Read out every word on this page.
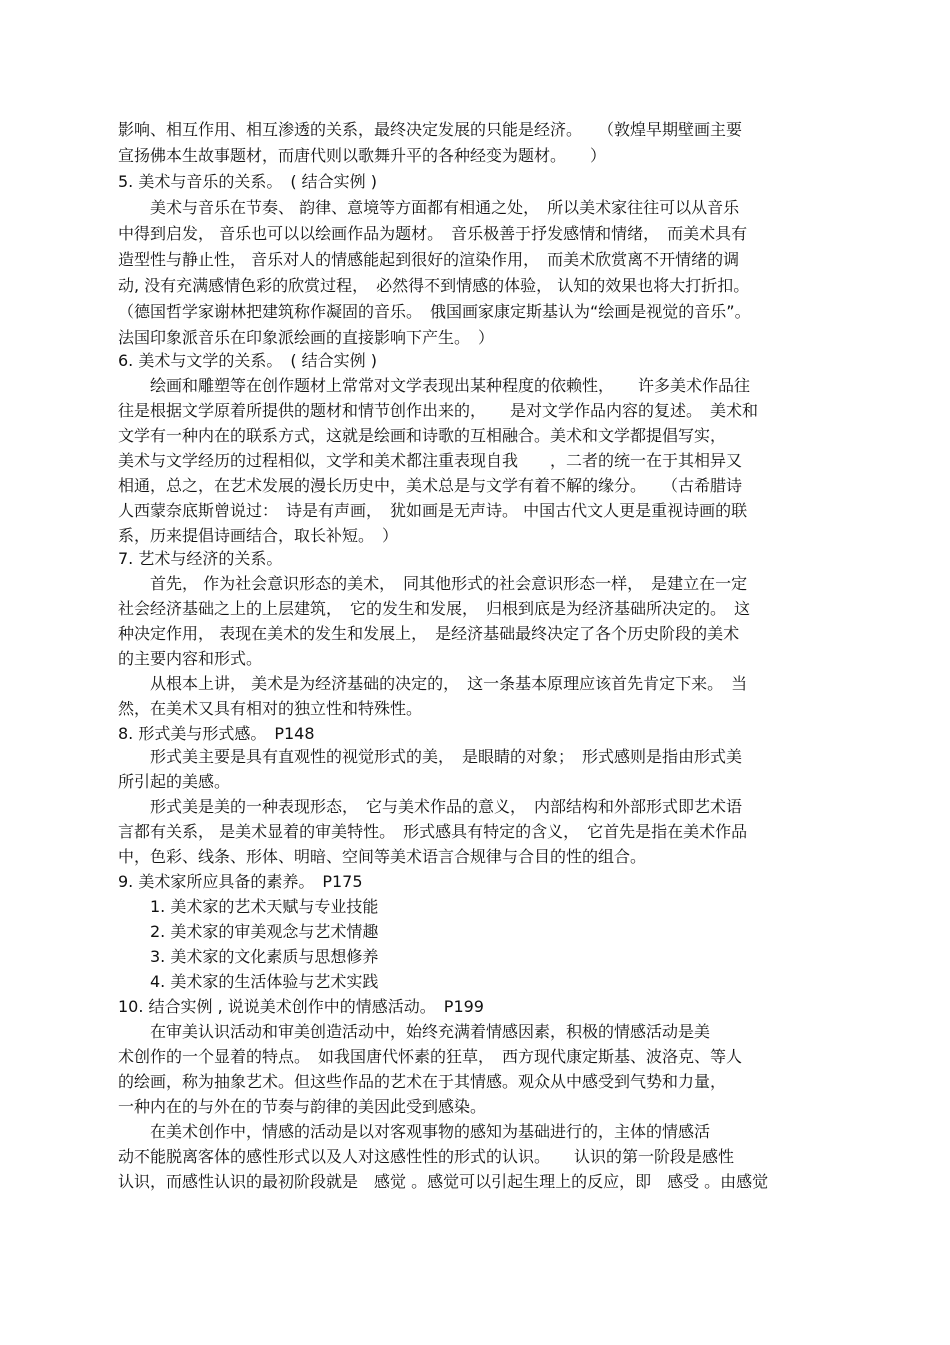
影响、相互作用、相互渗透的关系，最终决定发展的只能是经济。　　（敦煌早期壁画主要
宣扬佛本生故事题材，而唐代则以歌舞升平的各种经变为题材。　　）
5. 美术与音乐的关系。　( 结合实例 )
　　美术与音乐在节奏、 韵律、意境等方面都有相通之处，　所以美术家往往可以从音乐
中得到启发， 音乐也可以以绘画作品为题材。　音乐极善于抒发感情和情绪，　而美术具有
造型性与静止性， 音乐对人的情感能起到很好的渲染作用，　而美术欣赏离不开情绪的调
动, 没有充满感情色彩的欣赏过程，　必然得不到情感的体验， 认知的效果也将大打折扣。
（德国哲学家谢林把建筑称作凝固的音乐。　俄国画家康定斯基认为“绘画是视觉的音乐”。
法国印象派音乐在印象派绘画的直接影响下产生。　）
6. 美术与文学的关系。　( 结合实例 )
　　绘画和雕塑等在创作题材上常常对文学表现出某种程度的依赖性，　　许多美术作品往
往是根据文学原着所提供的题材和情节创作出来的，　　是对文学作品内容的复述。　美术和
文学有一种内在的联系方式，这就是绘画和诗歌的互相融合。美术和文学都提倡写实，
美术与文学经历的过程相似，文学和美术都注重表现自我　　，二者的统一在于其相异又
相通，总之，在艺术发展的漫长历史中，美术总是与文学有着不解的缘分。　　（古希腊诗
人西蒙奈底斯曾说过：　诗是有声画，　犹如画是无声诗。 中国古代文人更是重视诗画的联
系，历来提倡诗画结合，取长补短。　）
7. 艺术与经济的关系。
　　首先， 作为社会意识形态的美术，　同其他形式的社会意识形态一样，　是建立在一定
社会经济基础之上的上层建筑，　它的发生和发展，　归根到底是为经济基础所决定的。　这
种决定作用， 表现在美术的发生和发展上，　是经济基础最终决定了各个历史阶段的美术
的主要内容和形式。
　　从根本上讲， 美术是为经济基础的决定的，　这一条基本原理应该首先肯定下来。　当
然，在美术又具有相对的独立性和特殊性。
8. 形式美与形式感。　P148
　　形式美主要是具有直观性的视觉形式的美，　是眼睛的对象；　形式感则是指由形式美
所引起的美感。
　　形式美是美的一种表现形态，　它与美术作品的意义，　内部结构和外部形式即艺术语
言都有关系， 是美术显着的审美特性。　形式感具有特定的含义，　它首先是指在美术作品
中，色彩、线条、形体、明暗、空间等美术语言合规律与合目的性的组合。
9. 美术家所应具备的素养。　P175
　　1. 美术家的艺术天赋与专业技能
　　2. 美术家的审美观念与艺术情趣
　　3. 美术家的文化素质与思想修养
　　4. 美术家的生活体验与艺术实践
10. 结合实例 , 说说美术创作中的情感活动。　P199
　　在审美认识活动和审美创造活动中，始终充满着情感因素，积极的情感活动是美
术创作的一个显着的特点。　如我国唐代怀素的狂草，　西方现代康定斯基、波洛克、等人
的绘画，称为抽象艺术。但这些作品的艺术在于其情感。观众从中感受到气势和力量，
一种内在的与外在的节奏与韵律的美因此受到感染。
　　在美术创作中，情感的活动是以对客观事物的感知为基础进行的，主体的情感活
动不能脱离客体的感性形式以及人对这感性性的形式的认识。　　认识的第一阶段是感性
认识，而感性认识的最初阶段就是　感觉 。感觉可以引起生理上的反应，即　感受 。由感觉
